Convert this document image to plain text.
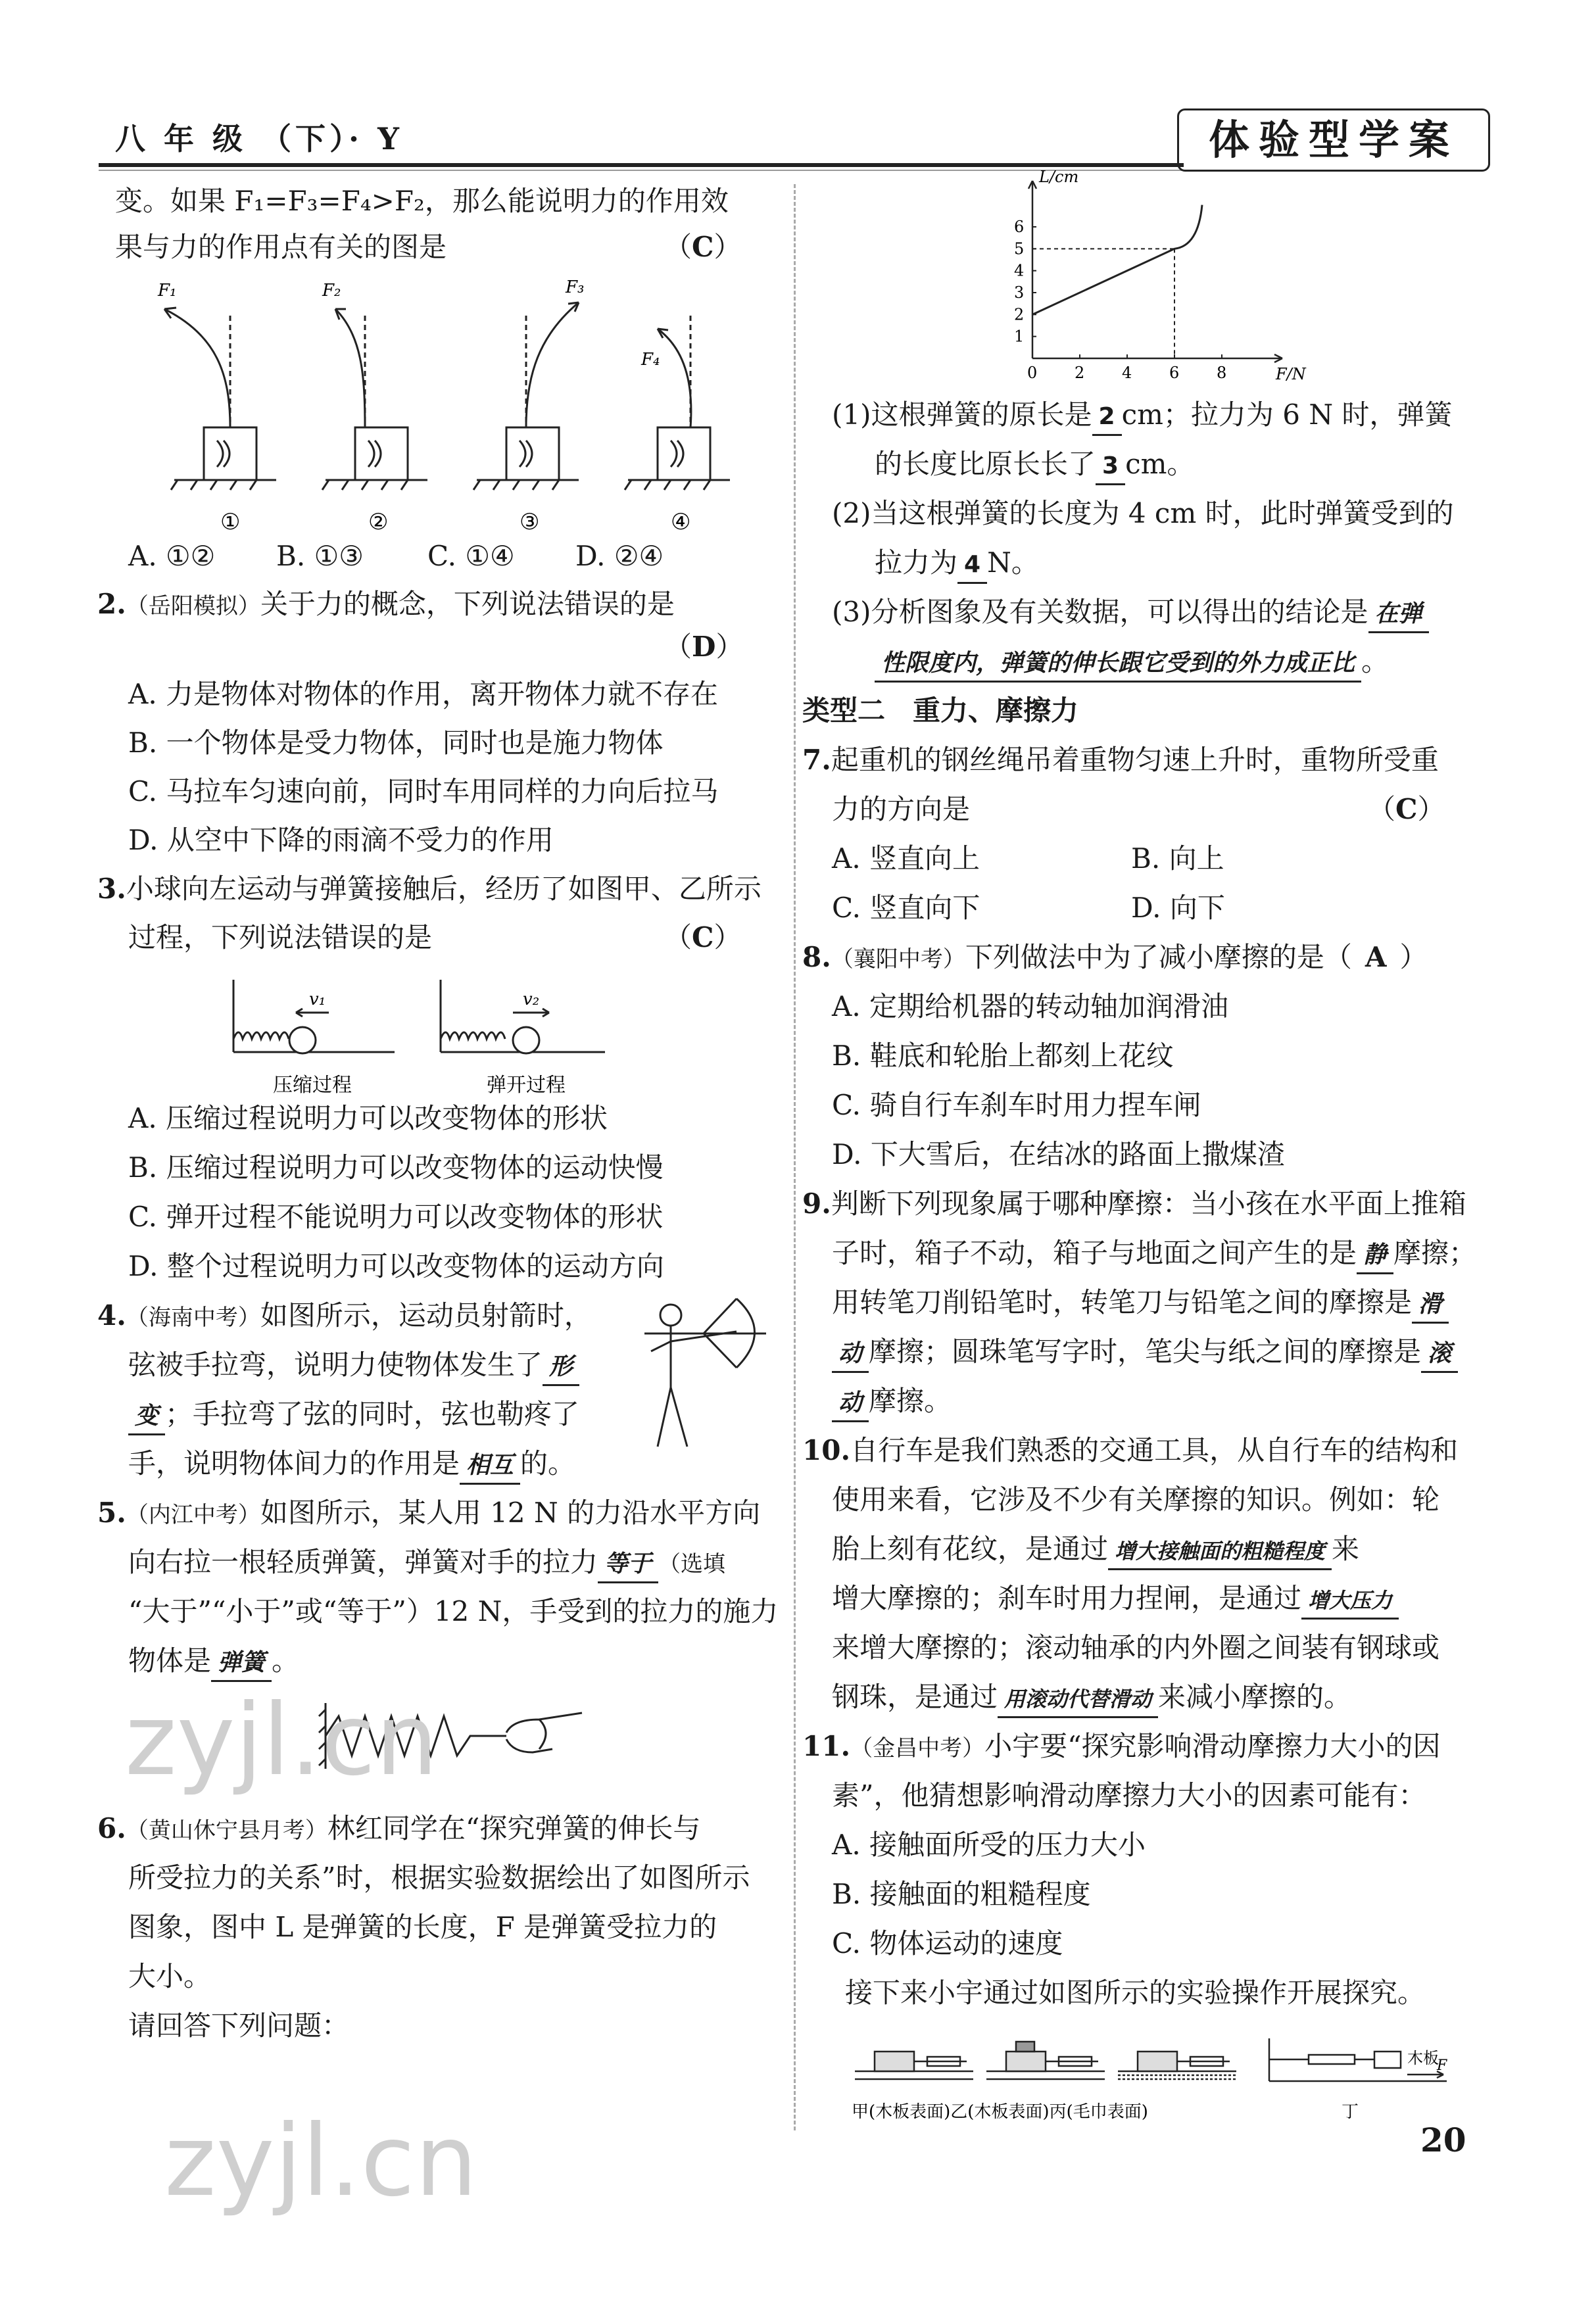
八 年 级 （下）· Y	体验型学案
变。如果 F₁=F₃=F₄>F₂，那么能说明力的作用效
果与力的作用点有关的图是	（C）
F₁
①
F₂
②
F₃
③
F₄
④
A. ①② B. ①③ C. ①④ D. ②④
2.（岳阳模拟）关于力的概念，下列说法错误的是
（D）
A. 力是物体对物体的作用，离开物体力就不存在
B. 一个物体是受力物体，同时也是施力物体
C. 马拉车匀速向前，同时车用同样的力向后拉马
D. 从空中下降的雨滴不受力的作用
3.小球向左运动与弹簧接触后，经历了如图甲、乙所示
过程，下列说法错误的是	（C）
v₁	v₂
压缩过程	弹开过程
A. 压缩过程说明力可以改变物体的形状
B. 压缩过程说明力可以改变物体的运动快慢
C. 弹开过程不能说明力可以改变物体的形状
D. 整个过程说明力可以改变物体的运动方向
4.（海南中考）如图所示，运动员射箭时，
弦被手拉弯，说明力使物体发生了 形
变 ；手拉弯了弦的同时，弦也勒疼了
手，说明物体间力的作用是 相互 的。
5.（内江中考）如图所示，某人用 12 N 的力沿水平方向
向右拉一根轻质弹簧，弹簧对手的拉力 等于 （选填
“大于”“小于”或“等于”）12 N，手受到的拉力的施力
物体是 弹簧 。
6.（黄山休宁县月考）林红同学在“探究弹簧的伸长与
所受拉力的关系”时，根据实验数据绘出了如图所示
图象，图中 L 是弹簧的长度，F 是弹簧受拉力的
大小。
请回答下列问题：
0 2 4 6 8
1
2
3
4
5
6
F/N
L/cm
(1)这根弹簧的原长是 2 cm；拉力为 6 N 时，弹簧
的长度比原长长了 3 cm。
(2)当这根弹簧的长度为 4 cm 时，此时弹簧受到的
拉力为 4 N。
(3)分析图象及有关数据，可以得出的结论是 在弹
性限度内，弹簧的伸长跟它受到的外力成正比 。
类型二　重力、摩擦力
7.起重机的钢丝绳吊着重物匀速上升时，重物所受重
力的方向是	（C）
A. 竖直向上	B. 向上
C. 竖直向下	D. 向下
8.（襄阳中考）下列做法中为了减小摩擦的是（ A ）
A. 定期给机器的转动轴加润滑油
B. 鞋底和轮胎上都刻上花纹
C. 骑自行车刹车时用力捏车闸
D. 下大雪后，在结冰的路面上撒煤渣
9.判断下列现象属于哪种摩擦：当小孩在水平面上推箱
子时，箱子不动，箱子与地面之间产生的是 静 摩擦；
用转笔刀削铅笔时，转笔刀与铅笔之间的摩擦是 滑
动 摩擦；圆珠笔写字时，笔尖与纸之间的摩擦是 滚
动 摩擦。
10.自行车是我们熟悉的交通工具，从自行车的结构和
使用来看，它涉及不少有关摩擦的知识。例如：轮
胎上刻有花纹，是通过 增大接触面的粗糙程度 来
增大摩擦的；刹车时用力捏闸，是通过 增大压力
来增大摩擦的；滚动轴承的内外圈之间装有钢球或
钢珠，是通过 用滚动代替滑动 来减小摩擦的。
11.（金昌中考）小宇要“探究影响滑动摩擦力大小的因
素”，他猜想影响滑动摩擦力大小的因素可能有：
A. 接触面所受的压力大小
B. 接触面的粗糙程度
C. 物体运动的速度
接下来小宇通过如图所示的实验操作开展探究。
木板
F
甲(木板表面)乙(木板表面)丙(毛巾表面)	丁
zyjl.cn
zyjl.cn	20
